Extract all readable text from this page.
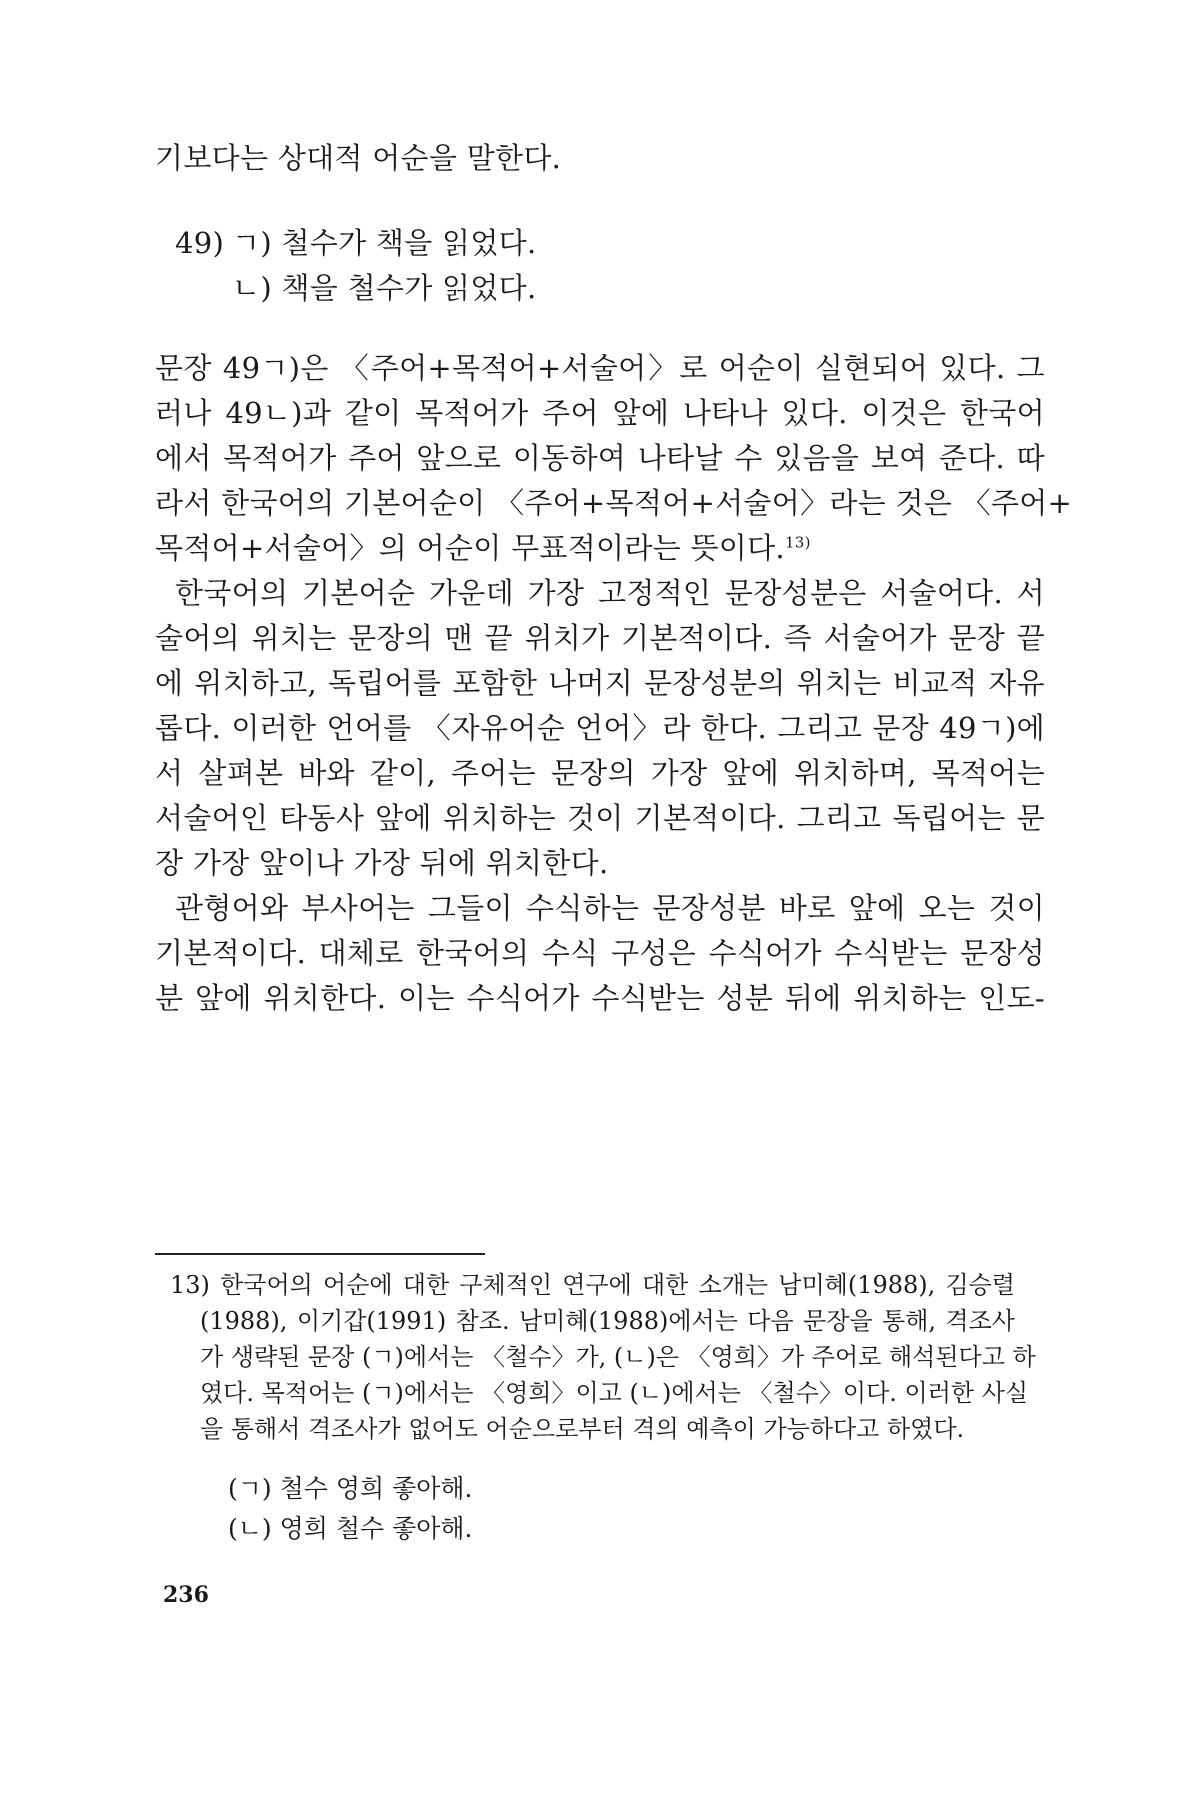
기보다는 상대적 어순을 말한다.
49) ㄱ) 철수가 책을 읽었다.
ㄴ) 책을 철수가 읽었다.
문장 49ㄱ)은 〈주어+목적어+서술어〉로 어순이 실현되어 있다. 그
러나 49ㄴ)과 같이 목적어가 주어 앞에 나타나 있다. 이것은 한국어
에서 목적어가 주어 앞으로 이동하여 나타날 수 있음을 보여 준다. 따
라서 한국어의 기본어순이 〈주어+목적어+서술어〉라는 것은 〈주어+
목적어+서술어〉의 어순이 무표적이라는 뜻이다.$^{13)}$
한국어의 기본어순 가운데 가장 고정적인 문장성분은 서술어다. 서
술어의 위치는 문장의 맨 끝 위치가 기본적이다. 즉 서술어가 문장 끝
에 위치하고, 독립어를 포함한 나머지 문장성분의 위치는 비교적 자유
롭다. 이러한 언어를 〈자유어순 언어〉라 한다. 그리고 문장 49ㄱ)에
서 살펴본 바와 같이, 주어는 문장의 가장 앞에 위치하며, 목적어는
서술어인 타동사 앞에 위치하는 것이 기본적이다. 그리고 독립어는 문
장 가장 앞이나 가장 뒤에 위치한다.
관형어와 부사어는 그들이 수식하는 문장성분 바로 앞에 오는 것이
기본적이다. 대체로 한국어의 수식 구성은 수식어가 수식받는 문장성
분 앞에 위치한다. 이는 수식어가 수식받는 성분 뒤에 위치하는 인도-
13) 한국어의 어순에 대한 구체적인 연구에 대한 소개는 남미혜(1988), 김승렬
(1988), 이기갑(1991) 참조. 남미혜(1988)에서는 다음 문장을 통해, 격조사
가 생략된 문장 (ㄱ)에서는 〈철수〉가, (ㄴ)은 〈영희〉가 주어로 해석된다고 하
였다. 목적어는 (ㄱ)에서는 〈영희〉이고 (ㄴ)에서는 〈철수〉이다. 이러한 사실
을 통해서 격조사가 없어도 어순으로부터 격의 예측이 가능하다고 하였다.
(ㄱ) 철수 영희 좋아해.
(ㄴ) 영희 철수 좋아해.
236
